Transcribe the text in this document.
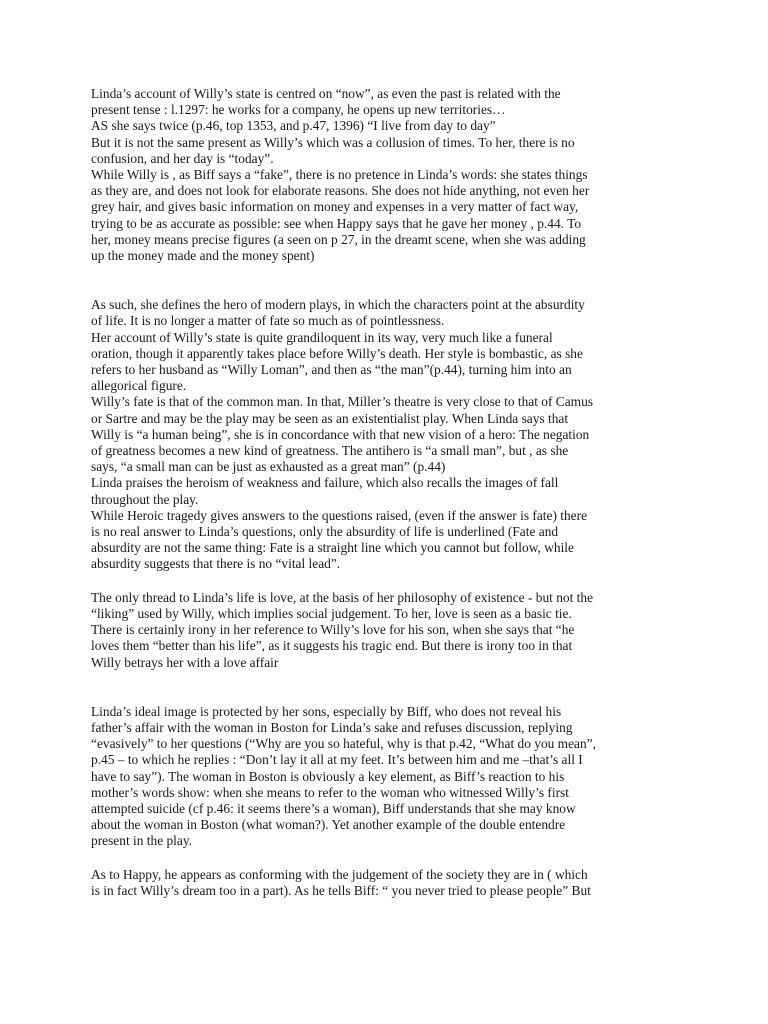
Linda’s account of Willy’s state is centred on “now”, as even the past is related with the
present tense : l.1297: he works for a company, he opens up new territories…
AS she says twice (p.46, top 1353, and p.47, 1396) “I live from day to day”
But it is not the same present as Willy’s which was a collusion of times. To her, there is no
confusion, and her day is “today”.
While Willy is , as Biff says a “fake”, there is no pretence in Linda’s words: she states things
as they are, and does not look for elaborate reasons. She does not hide anything, not even her
grey hair, and gives basic information on money and expenses in a very matter of fact way,
trying to be as accurate as possible: see when Happy says that he gave her money , p.44. To
her, money means precise figures (a seen on p 27, in the dreamt scene, when she was adding
up the money made and the money spent)
As such, she defines the hero of modern plays, in which the characters point at the absurdity
of life. It is no longer a matter of fate so much as of pointlessness.
Her account of Willy’s state is quite grandiloquent in its way, very much like a funeral
oration, though it apparently takes place before Willy’s death. Her style is bombastic, as she
refers to her husband as “Willy Loman”, and then as “the man”(p.44), turning him into an
allegorical figure.
Willy’s fate is that of the common man. In that, Miller’s theatre is very close to that of Camus
or Sartre and may be the play may be seen as an existentialist play. When Linda says that
Willy is “a human being”, she is in concordance with that new vision of a hero: The negation
of greatness becomes a new kind of greatness. The antihero is “a small man”, but , as she
says, “a small man can be just as exhausted as a great man” (p.44)
Linda praises the heroism of weakness and failure, which also recalls the images of fall
throughout the play.
While Heroic tragedy gives answers to the questions raised, (even if the answer is fate) there
is no real answer to Linda’s questions, only the absurdity of life is underlined (Fate and
absurdity are not the same thing: Fate is a straight line which you cannot but follow, while
absurdity suggests that there is no “vital lead”.
The only thread to Linda’s life is love, at the basis of her philosophy of existence - but not the
“liking” used by Willy, which implies social judgement. To her, love is seen as a basic tie.
There is certainly irony in her reference to Willy’s love for his son, when she says that “he
loves them “better than his life”, as it suggests his tragic end. But there is irony too in that
Willy betrays her with a love affair
Linda’s ideal image is protected by her sons, especially by Biff, who does not reveal his
father’s affair with the woman in Boston for Linda’s sake and refuses discussion, replying
“evasively” to her questions (“Why are you so hateful, why is that p.42, “What do you mean”,
p.45 – to which he replies : “Don’t lay it all at my feet. It’s between him and me –that’s all I
have to say”). The woman in Boston is obviously a key element, as Biff’s reaction to his
mother’s words show: when she means to refer to the woman who witnessed Willy’s first
attempted suicide (cf p.46: it seems there’s a woman), Biff understands that she may know
about the woman in Boston (what woman?). Yet another example of the double entendre
present in the play.
As to Happy, he appears as conforming with the judgement of the society they are in ( which
is in fact Willy’s dream too in a part). As he tells Biff: “ you never tried to please people” But
